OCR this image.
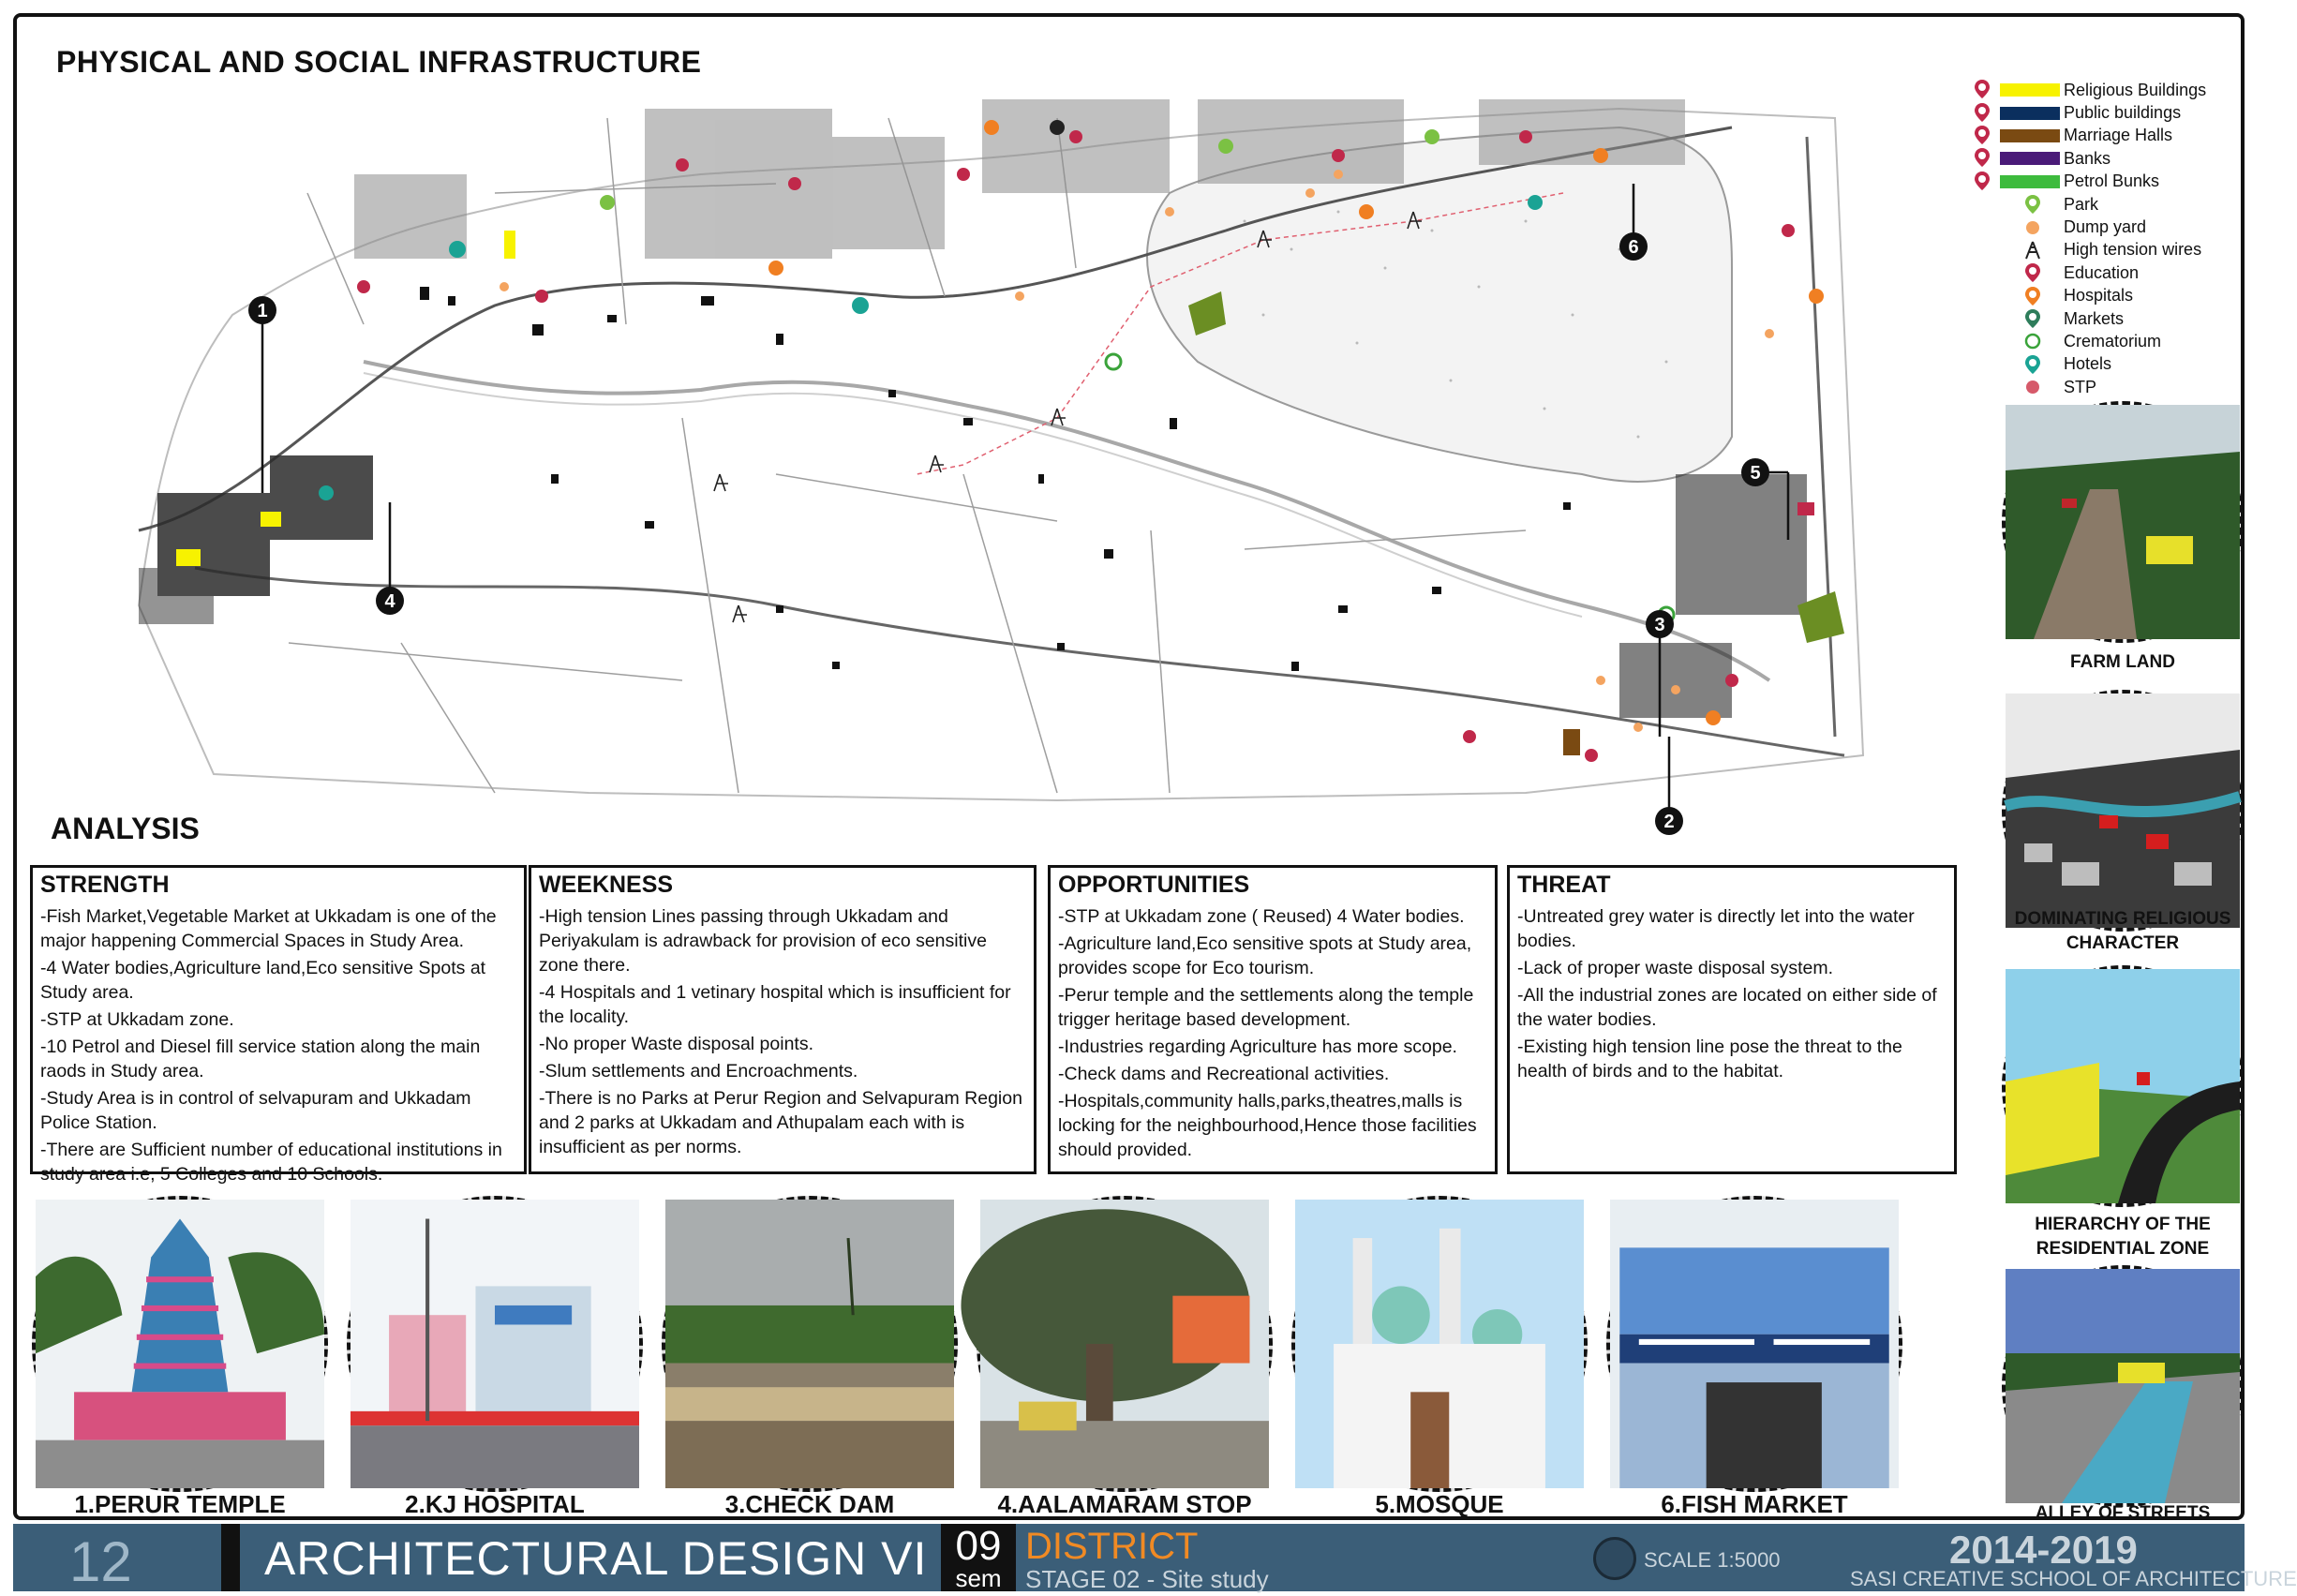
PHYSICAL AND SOCIAL INFRASTRUCTURE
1
2
3
4
5
6
Religious Buildings
Public buildings
Marriage Halls
Banks
Petrol Bunks
Park
Dump yard
High tension wires
Education
Hospitals
Markets
Crematorium
Hotels
STP
FARM LAND
DOMINATING RELIGIOUS CHARACTER
HIERARCHY OF THE RESIDENTIAL ZONE
ALLEY OF STREETS
ANALYSIS
STRENGTH

-Fish Market,Vegetable Market at Ukkadam is one of the major happening Commercial Spaces in Study Area.
-4 Water bodies,Agriculture land,Eco sensitive Spots at Study area.
-STP at Ukkadam zone.
-10 Petrol and Diesel fill service station along the main raods in Study area.
-Study Area is in control of selvapuram and Ukkadam Police Station.
-There are Sufficient number of educational institutions in study area i.e, 5 Colleges and 10 Schools.

WEEKNESS

-High tension Lines passing through Ukkadam and Periyakulam is adrawback for provision of eco sensitive zone there.
-4 Hospitals and 1 vetinary hospital which is insufficient for the locality.
-No proper Waste disposal points.
-Slum settlements and Encroachments.
-There is no Parks at Perur Region and Selvapuram Region and 2 parks at Ukkadam and Athupalam each with is insufficient as per norms.

OPPORTUNITIES

-STP at Ukkadam zone ( Reused) 4 Water bodies.
-Agriculture land,Eco sensitive spots at Study area, provides scope for Eco tourism.
-Perur temple and the settlements along the temple trigger heritage based development.
-Industries regarding Agriculture has more scope.
-Check dams and Recreational activities.
-Hospitals,community halls,parks,theatres,malls is locking for the neighbourhood,Hence those facilities should provided.

THREAT

-Untreated grey water is directly let into the water bodies.
-Lack of proper waste disposal system.
-All the industrial zones are located on either side of the water bodies.
-Existing high tension line pose the threat to the health of birds and to the habitat.

1.PERUR TEMPLE	2.KJ HOSPITAL	3.CHECK DAM	4.AALAMARAM STOP	5.MOSQUE	6.FISH MARKET
12	ARCHITECTURAL DESIGN VI 09
sem
DISTRICT
STAGE 02 - Site study
SCALE 1:5000	2014-2019
SASI CREATIVE SCHOOL OF ARCHITECTURE
